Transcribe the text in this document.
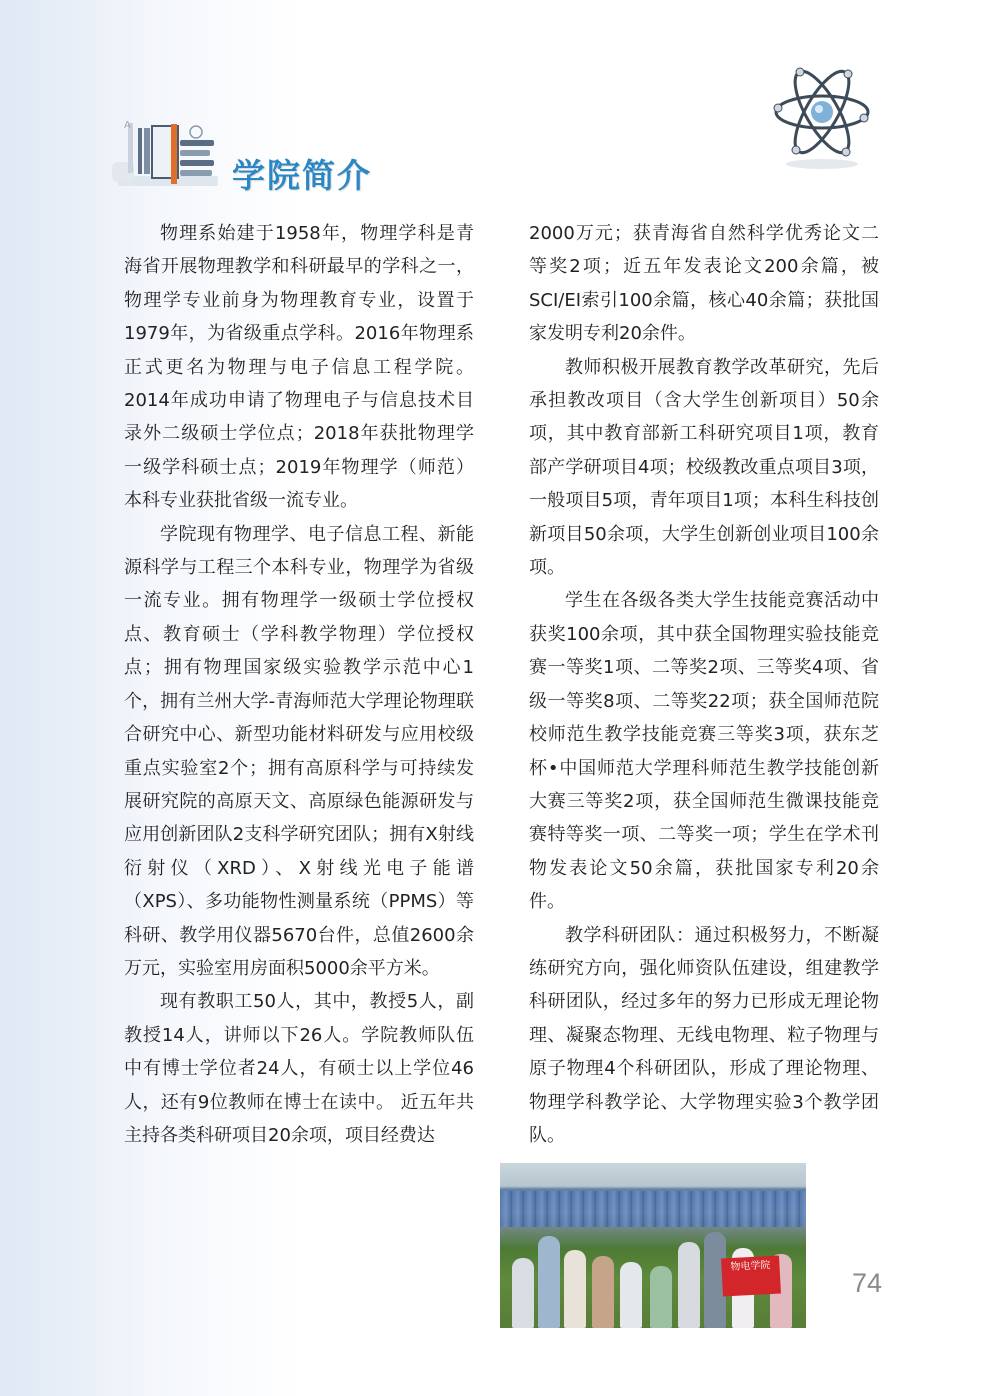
A
学院简介

物理系始建于1958年，物理学科是青海省开展物理教学和科研最早的学科之一，物理学专业前身为物理教育专业，设置于1979年，为省级重点学科。2016年物理系正式更名为物理与电子信息工程学院。2014年成功申请了物理电子与信息技术目录外二级硕士学位点；2018年获批物理学一级学科硕士点；2019年物理学（师范）本科专业获批省级一流专业。

学院现有物理学、电子信息工程、新能源科学与工程三个本科专业，物理学为省级一流专业。拥有物理学一级硕士学位授权点、教育硕士（学科教学物理）学位授权点；拥有物理国家级实验教学示范中心1个，拥有兰州大学-青海师范大学理论物理联合研究中心、新型功能材料研发与应用校级重点实验室2个；拥有高原科学与可持续发展研究院的高原天文、高原绿色能源研发与应用创新团队2支科学研究团队；拥有X射线衍射仪（XRD）、X射线光电子能谱（XPS）、多功能物性测量系统（PPMS）等科研、教学用仪器5670台件，总值2600余万元，实验室用房面积5000余平方米。

现有教职工50人，其中，教授5人，副教授14人，讲师以下26人。学院教师队伍中有博士学位者24人，有硕士以上学位46人，还有9位教师在博士在读中。 近五年共主持各类科研项目20余项，项目经费达

2000万元；获青海省自然科学优秀论文二等奖2项；近五年发表论文200余篇，被SCI/EI索引100余篇，核心40余篇；获批国家发明专利20余件。

教师积极开展教育教学改革研究，先后承担教改项目（含大学生创新项目）50余项，其中教育部新工科研究项目1项，教育部产学研项目4项；校级教改重点项目3项，一般项目5项，青年项目1项；本科生科技创新项目50余项，大学生创新创业项目100余项。

学生在各级各类大学生技能竞赛活动中获奖100余项，其中获全国物理实验技能竞赛一等奖1项、二等奖2项、三等奖4项、省级一等奖8项、二等奖22项；获全国师范院校师范生教学技能竞赛三等奖3项，获东芝杯•中国师范大学理科师范生教学技能创新大赛三等奖2项，获全国师范生微课技能竞赛特等奖一项、二等奖一项；学生在学术刊物发表论文50余篇，获批国家专利20余件。

教学科研团队：通过积极努力，不断凝练研究方向，强化师资队伍建设，组建教学科研团队，经过多年的努力已形成无理论物理、凝聚态物理、无线电物理、粒子物理与原子物理4个科研团队，形成了理论物理、物理学科教学论、大学物理实验3个教学团队。

物电学院
74
